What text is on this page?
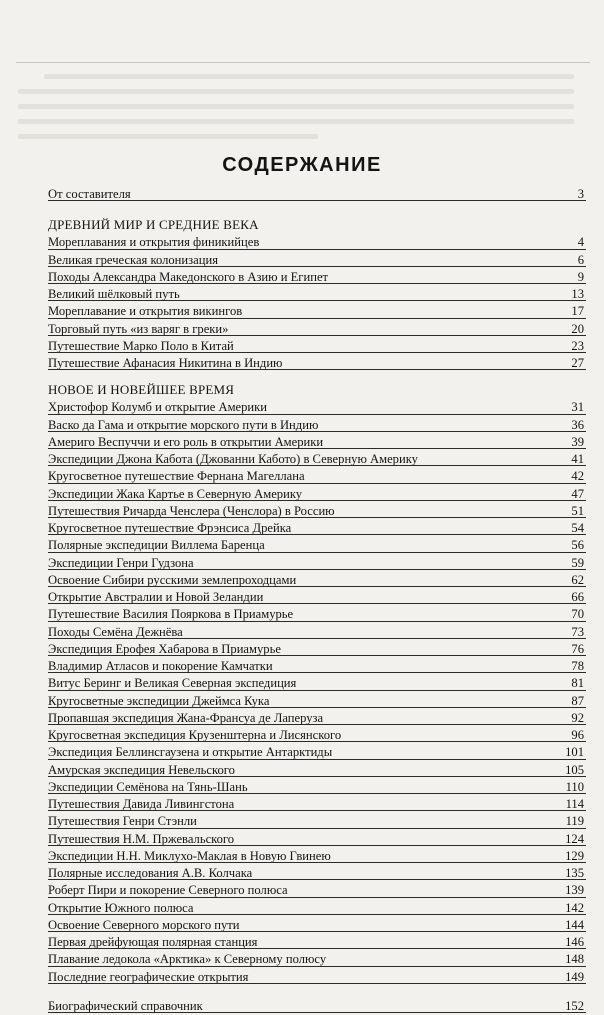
СОДЕРЖАНИЕ
От составителя	3
ДРЕВНИЙ МИР И СРЕДНИЕ ВЕКА
Мореплавания и открытия финикийцев	4
Великая греческая колонизация	6
Походы Александра Македонского в Азию и Египет	9
Великий шёлковый путь	13
Мореплавание и открытия викингов	17
Торговый путь «из варяг в греки»	20
Путешествие Марко Поло в Китай	23
Путешествие Афанасия Никитина в Индию	27
НОВОЕ И НОВЕЙШЕЕ ВРЕМЯ
Христофор Колумб и открытие Америки	31
Васко да Гама и открытие морского пути в Индию	36
Америго Веспуччи и его роль в открытии Америки	39
Экспедиции Джона Кабота (Джованни Кабото) в Северную Америку	41
Кругосветное путешествие Фернана Магеллана	42
Экспедиции Жака Картье в Северную Америку	47
Путешествия Ричарда Ченслера (Ченслора) в Россию	51
Кругосветное путешествие Фрэнсиса Дрейка	54
Полярные экспедиции Виллема Баренца	56
Экспедиции Генри Гудзона	59
Освоение Сибири русскими землепроходцами	62
Открытие Австралии и Новой Зеландии	66
Путешествие Василия Пояркова в Приамурье	70
Походы Семёна Дежнёва	73
Экспедиция Ерофея Хабарова в Приамурье	76
Владимир Атласов и покорение Камчатки	78
Витус Беринг и Великая Северная экспедиция	81
Кругосветные экспедиции Джеймса Кука	87
Пропавшая экспедиция Жана-Франсуа де Лаперуза	92
Кругосветная экспедиция Крузенштерна и Лисянского	96
Экспедиция Беллинсгаузена и открытие Антарктиды	101
Амурская экспедиция Невельского	105
Экспедиции Семёнова на Тянь-Шань	110
Путешествия Давида Ливингстона	114
Путешествия Генри Стэнли	119
Путешествия Н.М. Пржевальского	124
Экспедиции Н.Н. Миклухо-Маклая в Новую Гвинею	129
Полярные исследования А.В. Колчака	135
Роберт Пири и покорение Северного полюса	139
Открытие Южного полюса	142
Освоение Северного морского пути	144
Первая дрейфующая полярная станция	146
Плавание ледокола «Арктика» к Северному полюсу	148
Последние географические открытия	149
Биографический справочник	152
